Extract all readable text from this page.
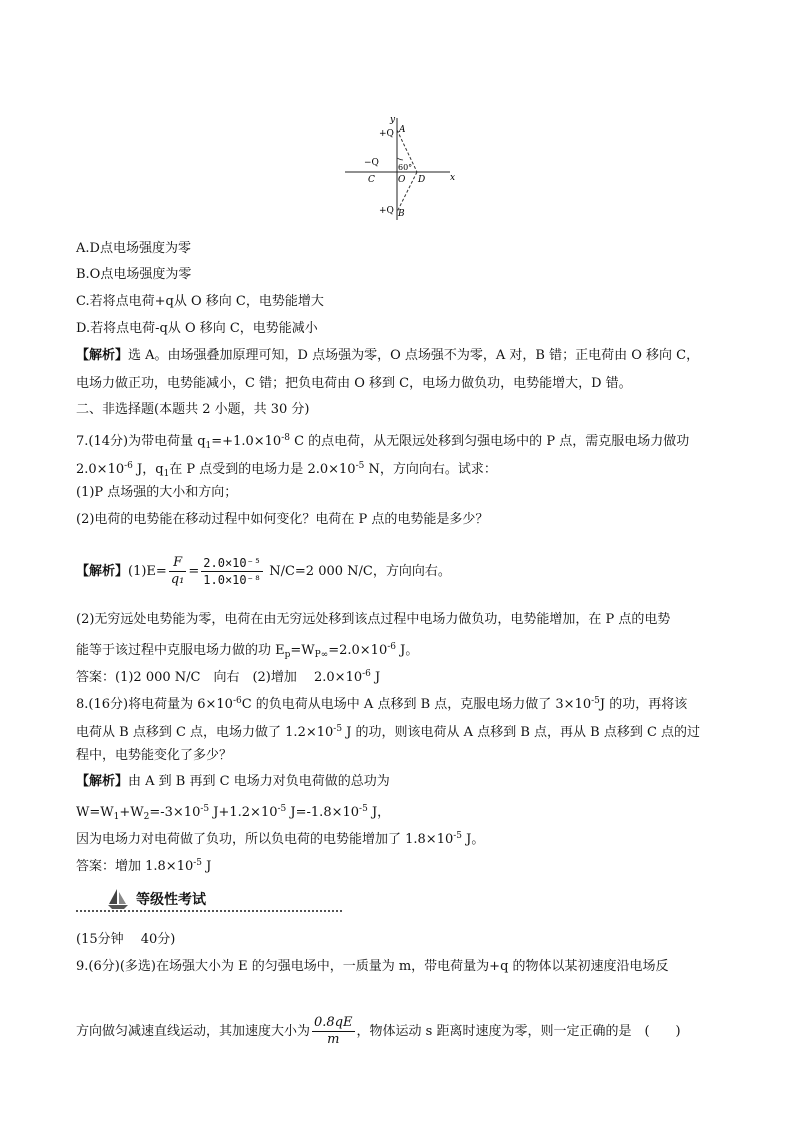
y
x
+Q A
−Q 60°
C	O D
+Q B
A.D点电场强度为零
B.O点电场强度为零
C.若将点电荷+q从 O 移向 C，电势能增大
D.若将点电荷-q从 O 移向 C，电势能减小
【解析】选 A。由场强叠加原理可知，D 点场强为零，O 点场强不为零，A 对，B 错；正电荷由 O 移向 C，
电场力做正功，电势能减小，C 错；把负电荷由 O 移到 C，电场力做负功，电势能增大，D 错。
二、非选择题(本题共 2 小题，共 30 分)
7.(14分)为带电荷量 $q_1=+1.0\times 10^{-8}$ C 的点电荷，从无限远处移到匀强电场中的 P 点，需克服电场力做功
$2.0\times 10^{-6}$ J，$q_1$在 P 点受到的电场力是 $2.0\times 10^{-5}$ N，方向向右。试求：
(1)P 点场强的大小和方向；
(2)电荷的电势能在移动过程中如何变化？电荷在 P 点的电势能是多少？
【解析】$(1)E= \frac{F}{\text{q₁}} = \frac{\text{2.0×10⁻⁵}}{\text{1.0×10⁻⁸}} N/C=2$ 000 N/C，方向向右。
(2)无穷远处电势能为零，电荷在由无穷远处移到该点过程中电场力做负功，电势能增加，在 P 点的电势
能等于该过程中克服电场力做的功 $E_p=W_{P\infty}=2.0\times 10^{-6}$ J。
答案：(1)2 000 N/C　向右　(2)增加　 $2.0\times 10^{-6}$ J
8.(16分)将电荷量为 $6\times 10^{-6}C$ 的负电荷从电场中 A 点移到 B 点，克服电场力做了 $3\times 10^{-5}J$ 的功，再将该
电荷从 B 点移到 C 点，电场力做了 $1.2\times 10^{-5}$ J 的功，则该电荷从 A 点移到 B 点，再从 B 点移到 C 点的过
程中，电势能变化了多少？
【解析】由 A 到 B 再到 C 电场力对负电荷做的总功为
$W=W_1+W_2=-3\times 10^{-5}$ $J+1.2\times 10^{-5}$ $J=-1.8\times 10^{-5}$ J，
因为电场力对电荷做了负功，所以负电荷的电势能增加了 $1.8\times 10^{-5}$ J。
答案：增加 $1.8\times 10^{-5}$ J
等级性考试
(15分钟　 40分)
9.(6分)(多选)在场强大小为 E 的匀强电场中，一质量为 m，带电荷量为+q 的物体以某初速度沿电场反
方向做匀减速直线运动，其加速度大小为 $\frac{0.8qE}{m}$ ，物体运动 s 距离时速度为零，则一定正确的是　(　　)
